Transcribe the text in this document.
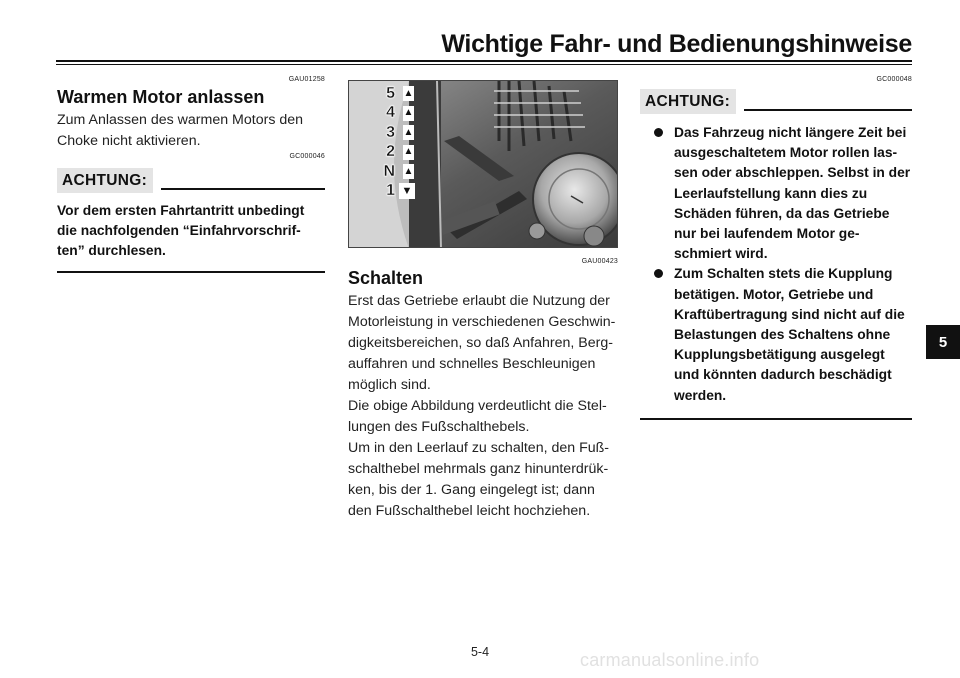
Wichtige Fahr- und Bedienungshinweise
GAU01258
Warmen Motor anlassen
Zum Anlassen des warmen Motors den Choke nicht aktivieren.
GC000046
ACHTUNG:
Vor dem ersten Fahrtantritt unbedingt die nachfolgenden “Einfahrvorschrif-ten” durchlesen.
5 ▲
4 ▲
3 ▲
2 ▲
N ▲
1 ▼
GAU00423
Schalten
Erst das Getriebe erlaubt die Nutzung der Motorleistung in verschiedenen Geschwin-digkeitsbereichen, so daß Anfahren, Berg-auffahren und schnelles Beschleunigen möglich sind.
Die obige Abbildung verdeutlicht die Stel-lungen des Fußschalthebels.
Um in den Leerlauf zu schalten, den Fuß-schalthebel mehrmals ganz hinunterdrük-ken, bis der 1. Gang eingelegt ist; dann den Fußschalthebel leicht hochziehen.
GC000048
ACHTUNG:
Das Fahrzeug nicht längere Zeit bei ausgeschaltetem Motor rollen las-sen oder abschleppen. Selbst in der Leerlaufstellung kann dies zu Schäden führen, da das Getriebe nur bei laufendem Motor ge-schmiert wird.
Zum Schalten stets die Kupplung betätigen. Motor, Getriebe und Kraftübertragung sind nicht auf die Belastungen des Schaltens ohne Kupplungsbetätigung ausgelegt und könnten dadurch beschädigt werden.
5
5-4	carmanualsonline.info
